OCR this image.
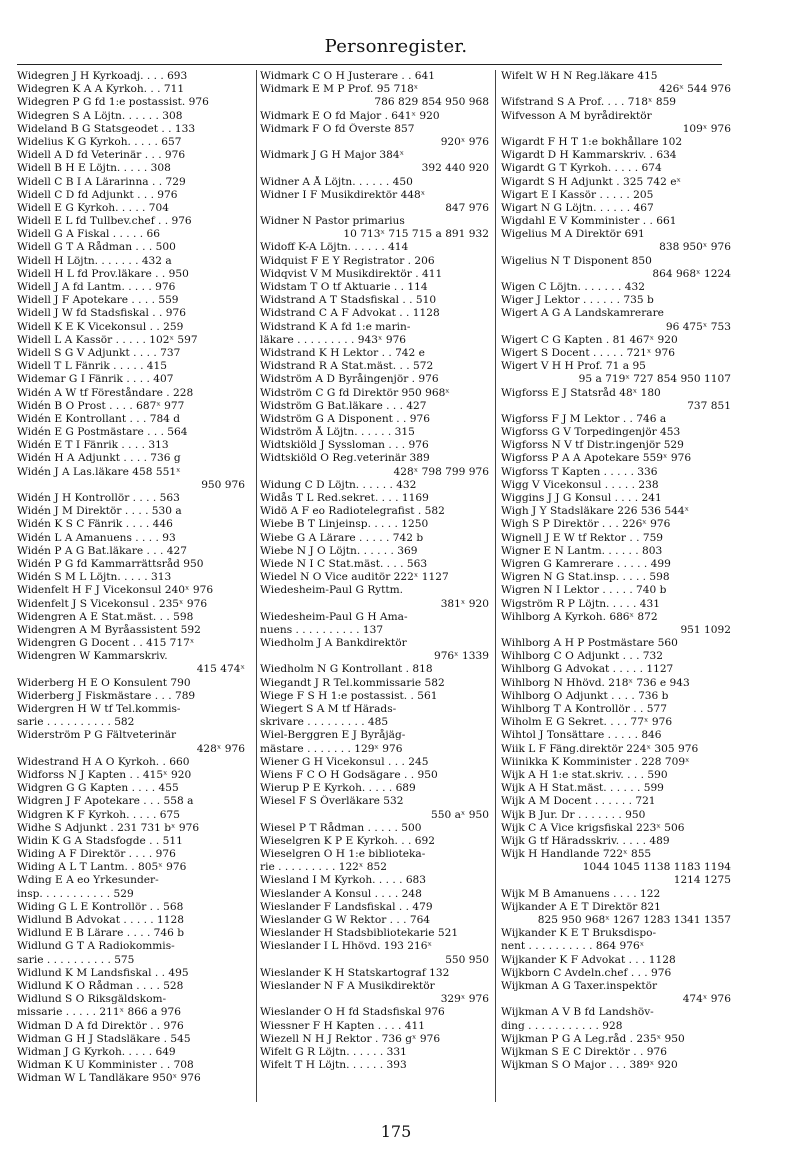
Personregister.
Widegren J H Kyrkoadj. . . . 693
Widegren K A A Kyrkoh. . . 711
Widegren P G fd 1:e postassist. 976
Widegren S A Löjtn. . . . . . 308
Wideland B G Statsgeodet . . 133
Widelius K G Kyrkoh. . . . . 657
Widell A D fd Veterinär . . . 976
Widell B H E Löjtn. . . . . 308
Widell C B I A Lärarinna . . 729
Widell C D fd Adjunkt . . . 976
Widell E G Kyrkoh. . . . . 704
Widell E L fd Tullbev.chef . . 976
Widell G A Fiskal . . . . . 66
Widell G T A Rådman . . . 500
Widell H Löjtn. . . . . . . 432 a
Widell H L fd Prov.läkare . . 950
Widell J A fd Lantm. . . . . 976
Widell J F Apotekare . . . . 559
Widell J W fd Stadsfiskal . . 976
Widell K E K Vicekonsul . . 259
Widell L A Kassör . . . . . 102ˣ 597
Widell S G V Adjunkt . . . . 737
Widell T L Fänrik . . . . . 415
Widemar G I Fänrik . . . . 407
Widén A W tf Föreståndare . 228
Widén B O Prost . . . . 687ˣ 977
Widén E Kontrollant . . . 784 d
Widén E G Postmästare . . . 564
Widén E T I Fänrik . . . . 313
Widén H A Adjunkt . . . . 736 g
Widén J A Las.läkare 458 551ˣ
950 976
Widén J H Kontrollör . . . . 563
Widén J M Direktör . . . . 530 a
Widén K S C Fänrik . . . . 446
Widén L A Amanuens . . . . 93
Widén P A G Bat.läkare . . . 427
Widén P G fd Kammarrättsråd 950
Widén S M L Löjtn. . . . . 313
Widenfelt H F J Vicekonsul 240ˣ 976
Widenfelt J S Vicekonsul . 235ˣ 976
Widengren A E Stat.mäst. . . 598
Widengren A M Byråassistent 592
Widengren G Docent . . 415 717ˣ
Widengren W Kammarskriv.
415 474ˣ
Widerberg H E O Konsulent 790
Widerberg J Fiskmästare . . . 789
Widergren H W tf Tel.kommis-
sarie . . . . . . . . . . 582
Widerström P G Fältveterinär
428ˣ 976
Widestrand H A O Kyrkoh. . 660
Widforss N J Kapten . . 415ˣ 920
Widgren G G Kapten . . . . 455
Widgren J F Apotekare . . . 558 a
Widgren K F Kyrkoh. . . . . 675
Widhe S Adjunkt . 231 731 bˣ 976
Widin K G A Stadsfogde . . 511
Widing A F Direktör . . . . 976
Widing A L T Lantm. . 805ˣ 976
Wding E A eo Yrkesunder-
insp. . . . . . . . . . . 529
Widing G L E Kontrollör . . 568
Widlund B Advokat . . . . . 1128
Widlund E B Lärare . . . . 746 b
Widlund G T A Radiokommis-
sarie . . . . . . . . . . 575
Widlund K M Landsfiskal . . 495
Widlund K O Rådman . . . . 528
Widlund S O Riksgäldskom-
missarie . . . . . 211ˣ 866 a 976
Widman D A fd Direktör . . 976
Widman G H J Stadsläkare . 545
Widman J G Kyrkoh. . . . . 649
Widman K U Komminister . . 708
Widman W L Tandläkare 950ˣ 976
Widmark C O H Justerare . . 641
Widmark E M P Prof. 95 718ˣ
786 829 854 950 968
Widmark E O fd Major . 641ˣ 920
Widmark F O fd Överste 857
920ˣ 976
Widmark J G H Major 384ˣ
392 440 920
Widner A Å Löjtn. . . . . . 450
Widner I F Musikdirektör 448ˣ
847 976
Widner N Pastor primarius
10 713ˣ 715 715 a 891 932
Widoff K-A Löjtn. . . . . . 414
Widquist F E Y Registrator . 206
Widqvist V M Musikdirektör . 411
Widstam T O tf Aktuarie . . 114
Widstrand A T Stadsfiskal . . 510
Widstrand C A F Advokat . . 1128
Widstrand K A fd 1:e marin-
läkare . . . . . . . . . 943ˣ 976
Widstrand K H Lektor . . 742 e
Widstrand R A Stat.mäst. . . 572
Widström A D Byråingenjör . 976
Widström C G fd Direktör 950 968ˣ
Widström G Bat.läkare . . . 427
Widström G A Disponent . . 976
Widström Å Löjtn. . . . . . 315
Widtskiöld J Syssloman . . . 976
Widtskiöld O Reg.veterinär 389
428ˣ 798 799 976
Widung C D Löjtn. . . . . . 432
Widås T L Red.sekret. . . . 1169
Widö A F eo Radiotelegrafist . 582
Wiebe B T Linjeinsp. . . . . 1250
Wiebe G A Lärare . . . . . 742 b
Wiebe N J O Löjtn. . . . . . 369
Wiede N I C Stat.mäst. . . . 563
Wiedel N O Vice auditör 222ˣ 1127
Wiedesheim-Paul G Ryttm.
381ˣ 920
Wiedesheim-Paul G H Ama-
nuens . . . . . . . . . . 137
Wiedholm J A Bankdirektör
976ˣ 1339
Wiedholm N G Kontrollant . 818
Wiegandt J R Tel.kommissarie 582
Wiege F S H 1:e postassist. . 561
Wiegert S A M tf Härads-
skrivare . . . . . . . . . 485
Wiel-Berggren E J Byråjäg-
mästare . . . . . . . 129ˣ 976
Wiener G H Vicekonsul . . . 245
Wiens F C O H Godsägare . . 950
Wierup P E Kyrkoh. . . . . 689
Wiesel F S Överläkare 532
550 aˣ 950
Wiesel P T Rådman . . . . . 500
Wieselgren K P E Kyrkoh. . . 692
Wieselgren O H 1:e biblioteka-
rie . . . . . . . . . 122ˣ 852
Wiesland I M Kyrkoh. . . . . 683
Wieslander A Konsul . . . . 248
Wieslander F Landsfiskal . . 479
Wieslander G W Rektor . . . 764
Wieslander H Stadsbibliotekarie 521
Wieslander I L Hhövd. 193 216ˣ
550 950
Wieslander K H Statskartograf 132
Wieslander N F A Musikdirektör
329ˣ 976
Wieslander O H fd Stadsfiskal 976
Wiessner F H Kapten . . . . 411
Wiezell N H J Rektor . 736 gˣ 976
Wifelt G R Löjtn. . . . . . 331
Wifelt T H Löjtn. . . . . . 393
Wifelt W H N Reg.läkare 415
426ˣ 544 976
Wifstrand S A Prof. . . . 718ˣ 859
Wifvesson A M byrådirektör
109ˣ 976
Wigardt F H T 1:e bokhållare 102
Wigardt D H Kammarskriv. . 634
Wigardt G T Kyrkoh. . . . . 674
Wigardt S H Adjunkt . 325 742 eˣ
Wigart E I Kassör . . . . . 205
Wigart N G Löjtn. . . . . . 467
Wigdahl E V Komminister . . 661
Wigelius M A Direktör 691
838 950ˣ 976
Wigelius N T Disponent 850
864 968ˣ 1224
Wigen C Löjtn. . . . . . . 432
Wiger J Lektor . . . . . . 735 b
Wigert A G A Landskamrerare
96 475ˣ 753
Wigert C G Kapten . 81 467ˣ 920
Wigert S Docent . . . . . 721ˣ 976
Wigert V H H Prof. 71 a 95
95 a 719ˣ 727 854 950 1107
Wigforss E J Statsråd 48ˣ 180
737 851
Wigforss F J M Lektor . . 746 a
Wigforss G V Torpedingenjör 453
Wigforss N V tf Distr.ingenjör 529
Wigforss P A A Apotekare 559ˣ 976
Wigforss T Kapten . . . . . 336
Wigg V Vicekonsul . . . . . 238
Wiggins J J G Konsul . . . . 241
Wigh J Y Stadsläkare 226 536 544ˣ
Wigh S P Direktör . . . 226ˣ 976
Wignell J E W tf Rektor . . 759
Wigner E N Lantm. . . . . . 803
Wigren G Kamrerare . . . . . 499
Wigren N G Stat.insp. . . . . 598
Wigren N I Lektor . . . . . 740 b
Wigström R P Löjtn. . . . . 431
Wihlborg A Kyrkoh. 686ˣ 872
951 1092
Wihlborg A H P Postmästare 560
Wihlborg C O Adjunkt . . . 732
Wihlborg G Advokat . . . . . 1127
Wihlborg N Hhövd. 218ˣ 736 e 943
Wihlborg O Adjunkt . . . . 736 b
Wihlborg T A Kontrollör . . 577
Wiholm E G Sekret. . . . 77ˣ 976
Wihtol J Tonsättare . . . . . 846
Wiik L F Fäng.direktör 224ˣ 305 976
Wiinikka K Komminister . 228 709ˣ
Wijk A H 1:e stat.skriv. . . . 590
Wijk A H Stat.mäst. . . . . . 599
Wijk A M Docent . . . . . . 721
Wijk B Jur. Dr . . . . . . . 950
Wijk C A Vice krigsfiskal 223ˣ 506
Wijk G tf Häradsskriv. . . . . 489
Wijk H Handlande 722ˣ 855
1044 1045 1138 1183 1194
1214 1275
Wijk M B Amanuens . . . . 122
Wijkander A E T Direktör 821
825 950 968ˣ 1267 1283 1341 1357
Wijkander K E T Bruksdispo-
nent . . . . . . . . . . 864 976ˣ
Wijkander K F Advokat . . . 1128
Wijkborn C Avdeln.chef . . . 976
Wijkman A G Taxer.inspektör
474ˣ 976
Wijkman A V B fd Landshöv-
ding . . . . . . . . . . . 928
Wijkman P G A Leg.råd . 235ˣ 950
Wijkman S E C Direktör . . 976
Wijkman S O Major . . . 389ˣ 920
175
